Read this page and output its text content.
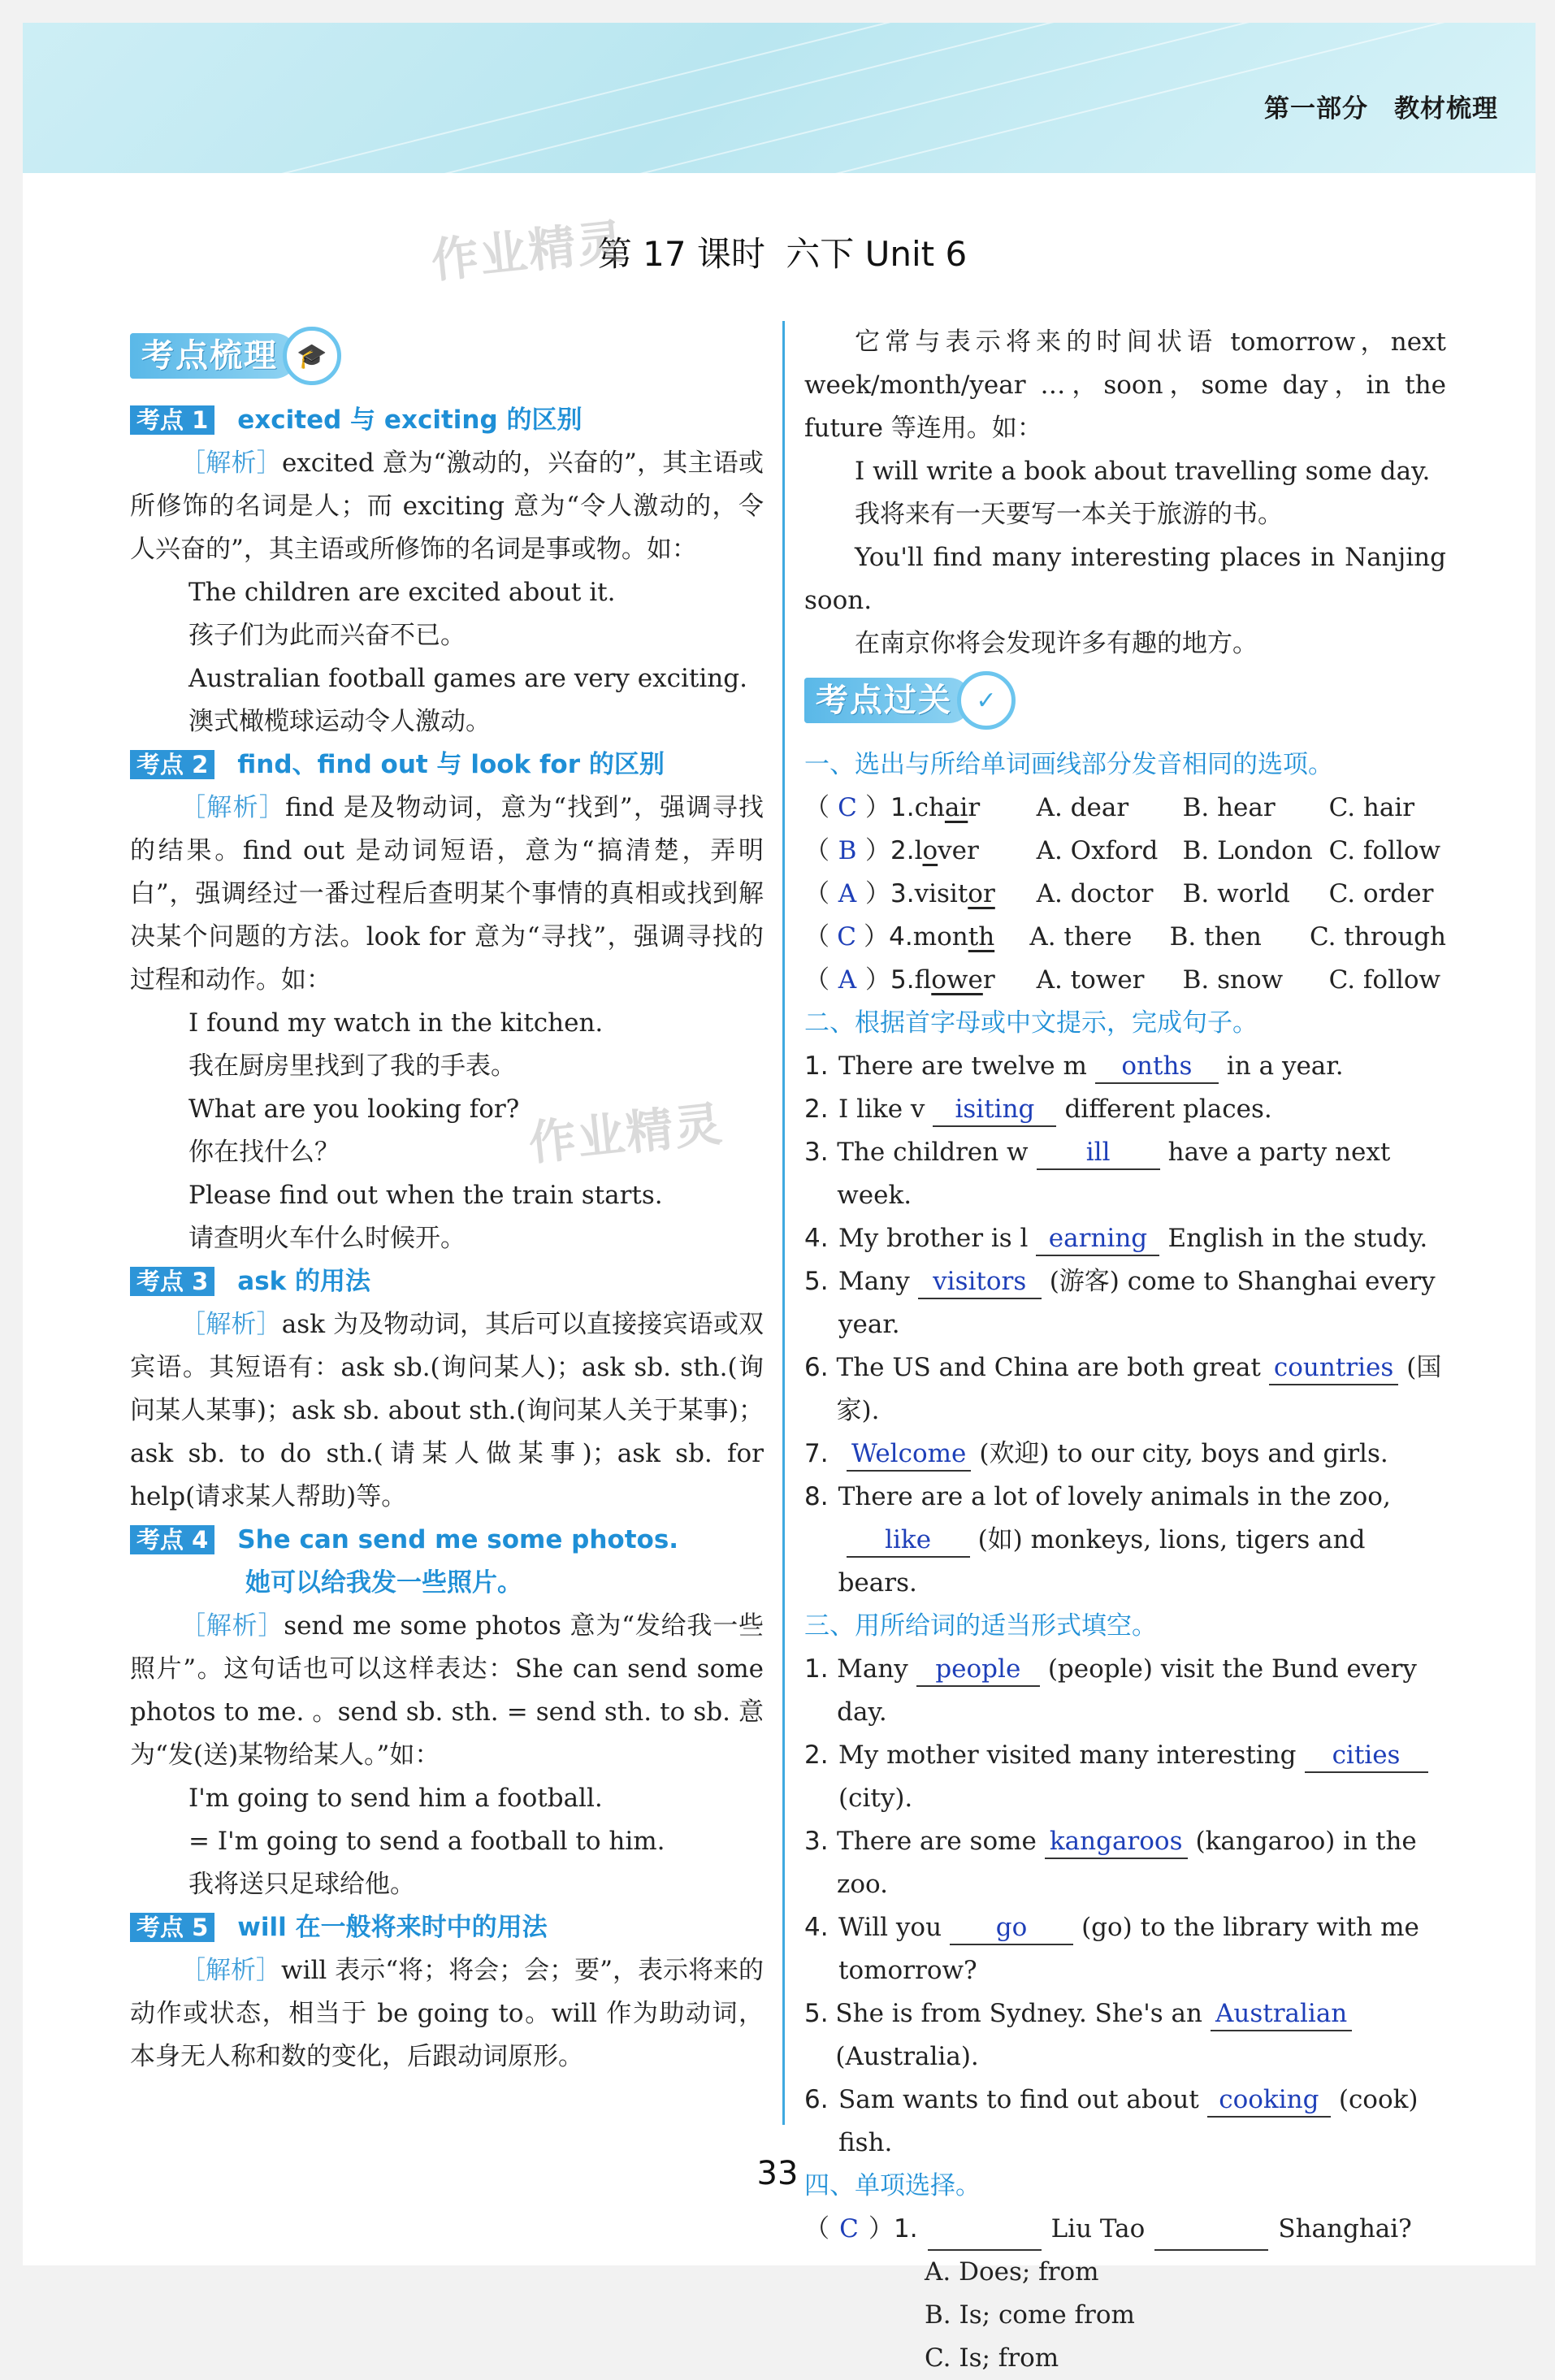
第一部分　教材梳理
第 17 课时 六下 Unit 6
作业精灵
作业精灵
考点梳理 🎓
考点 1 excited 与 exciting 的区别
［ 解析 ］ excited 意为“激动的，兴奋的”，其主语或所修饰的名词是人；而 exciting 意为“令人激动的，令人兴奋的”，其主语或所修饰的名词是事或物。如：
The children are excited about it.
孩子们为此而兴奋不已。
Australian football games are very exciting.
澳式橄榄球运动令人激动。
考点 2 find、find out 与 look for 的区别
［ 解析 ］ find 是及物动词，意为“找到”，强调寻找的结果。find out 是动词短语，意为“搞清楚，弄明白”，强调经过一番过程后查明某个事情的真相或找到解决某个问题的方法。look for 意为“寻找”，强调寻找的过程和动作。如：
I found my watch in the kitchen.
我在厨房里找到了我的手表。
What are you looking for?
你在找什么？
Please find out when the train starts.
请查明火车什么时候开。
考点 3 ask 的用法
［ 解析 ］ ask 为及物动词，其后可以直接接宾语或双宾语。其短语有：ask sb.(询问某人)；ask sb. sth.(询问某人某事)；ask sb. about sth.(询问某人关于某事)；ask sb. to do sth.(请某人做某事)；ask sb. for help(请求某人帮助)等。
考点 4 She can send me some photos.
她可以给我发一些照片。
［ 解析 ］ send me some photos 意为“发给我一些照片”。这句话也可以这样表达：She can send some photos to me. 。send sb. sth. = send sth. to sb. 意为“发(送)某物给某人。”如：
I'm going to send him a football.
= I'm going to send a football to him.
我将送只足球给他。
考点 5 will 在一般将来时中的用法
［ 解析 ］ will 表示“将；将会；会；要”，表示将来的动作或状态，相当于 be going to。will 作为助动词，本身无人称和数的变化，后跟动词原形。
它常与表示将来的时间状语 tomorrow，next week/month/year …，soon，some day，in the future 等连用。如：
I will write a book about travelling some day.
我将来有一天要写一本关于旅游的书。
You'll find many interesting places in Nanjing soon.
在南京你将会发现许多有趣的地方。
考点过关 ✓
一、选出与所给单词画线部分发音相同的选项。
（ C ） 1. chair	A. dear	B. hear	C. hair
（ B ） 2. lover	A. Oxford B. London C. follow
（ A ） 3. visitor	A. doctor	B. world	C. order
（ C ） 4. month	A. there	B. then	C. through
（ A ） 5. flower	A. tower	B. snow	C. follow
二、根据首字母或中文提示，完成句子。
1. There are twelve m onths in a year.
2. I like v isiting different places.
3. The children w ill have a party next week.
4. My brother is l earning English in the study.
5. Many visitors (游客) come to Shanghai every
year.
6. The US and China are both great countries (国家).
7. Welcome (欢迎) to our city, boys and girls.
8. There are a lot of lovely animals in the zoo,
like (如) monkeys, lions, tigers and bears.
三、用所给词的适当形式填空。
1. Many people (people) visit the Bund every day.
2. My mother visited many interesting cities
(city).
3. There are some kangaroos (kangaroo) in the zoo.
4. Will you go (go) to the library with me
tomorrow?
5. She is from Sydney. She's an Australian(Australia).
6. Sam wants to find out about cooking (cook)
fish.
四、单项选择。
（ C ） 1.	Liu Tao	Shanghai?
A. Does; from
B. Is; come from
C. Is; from
33
